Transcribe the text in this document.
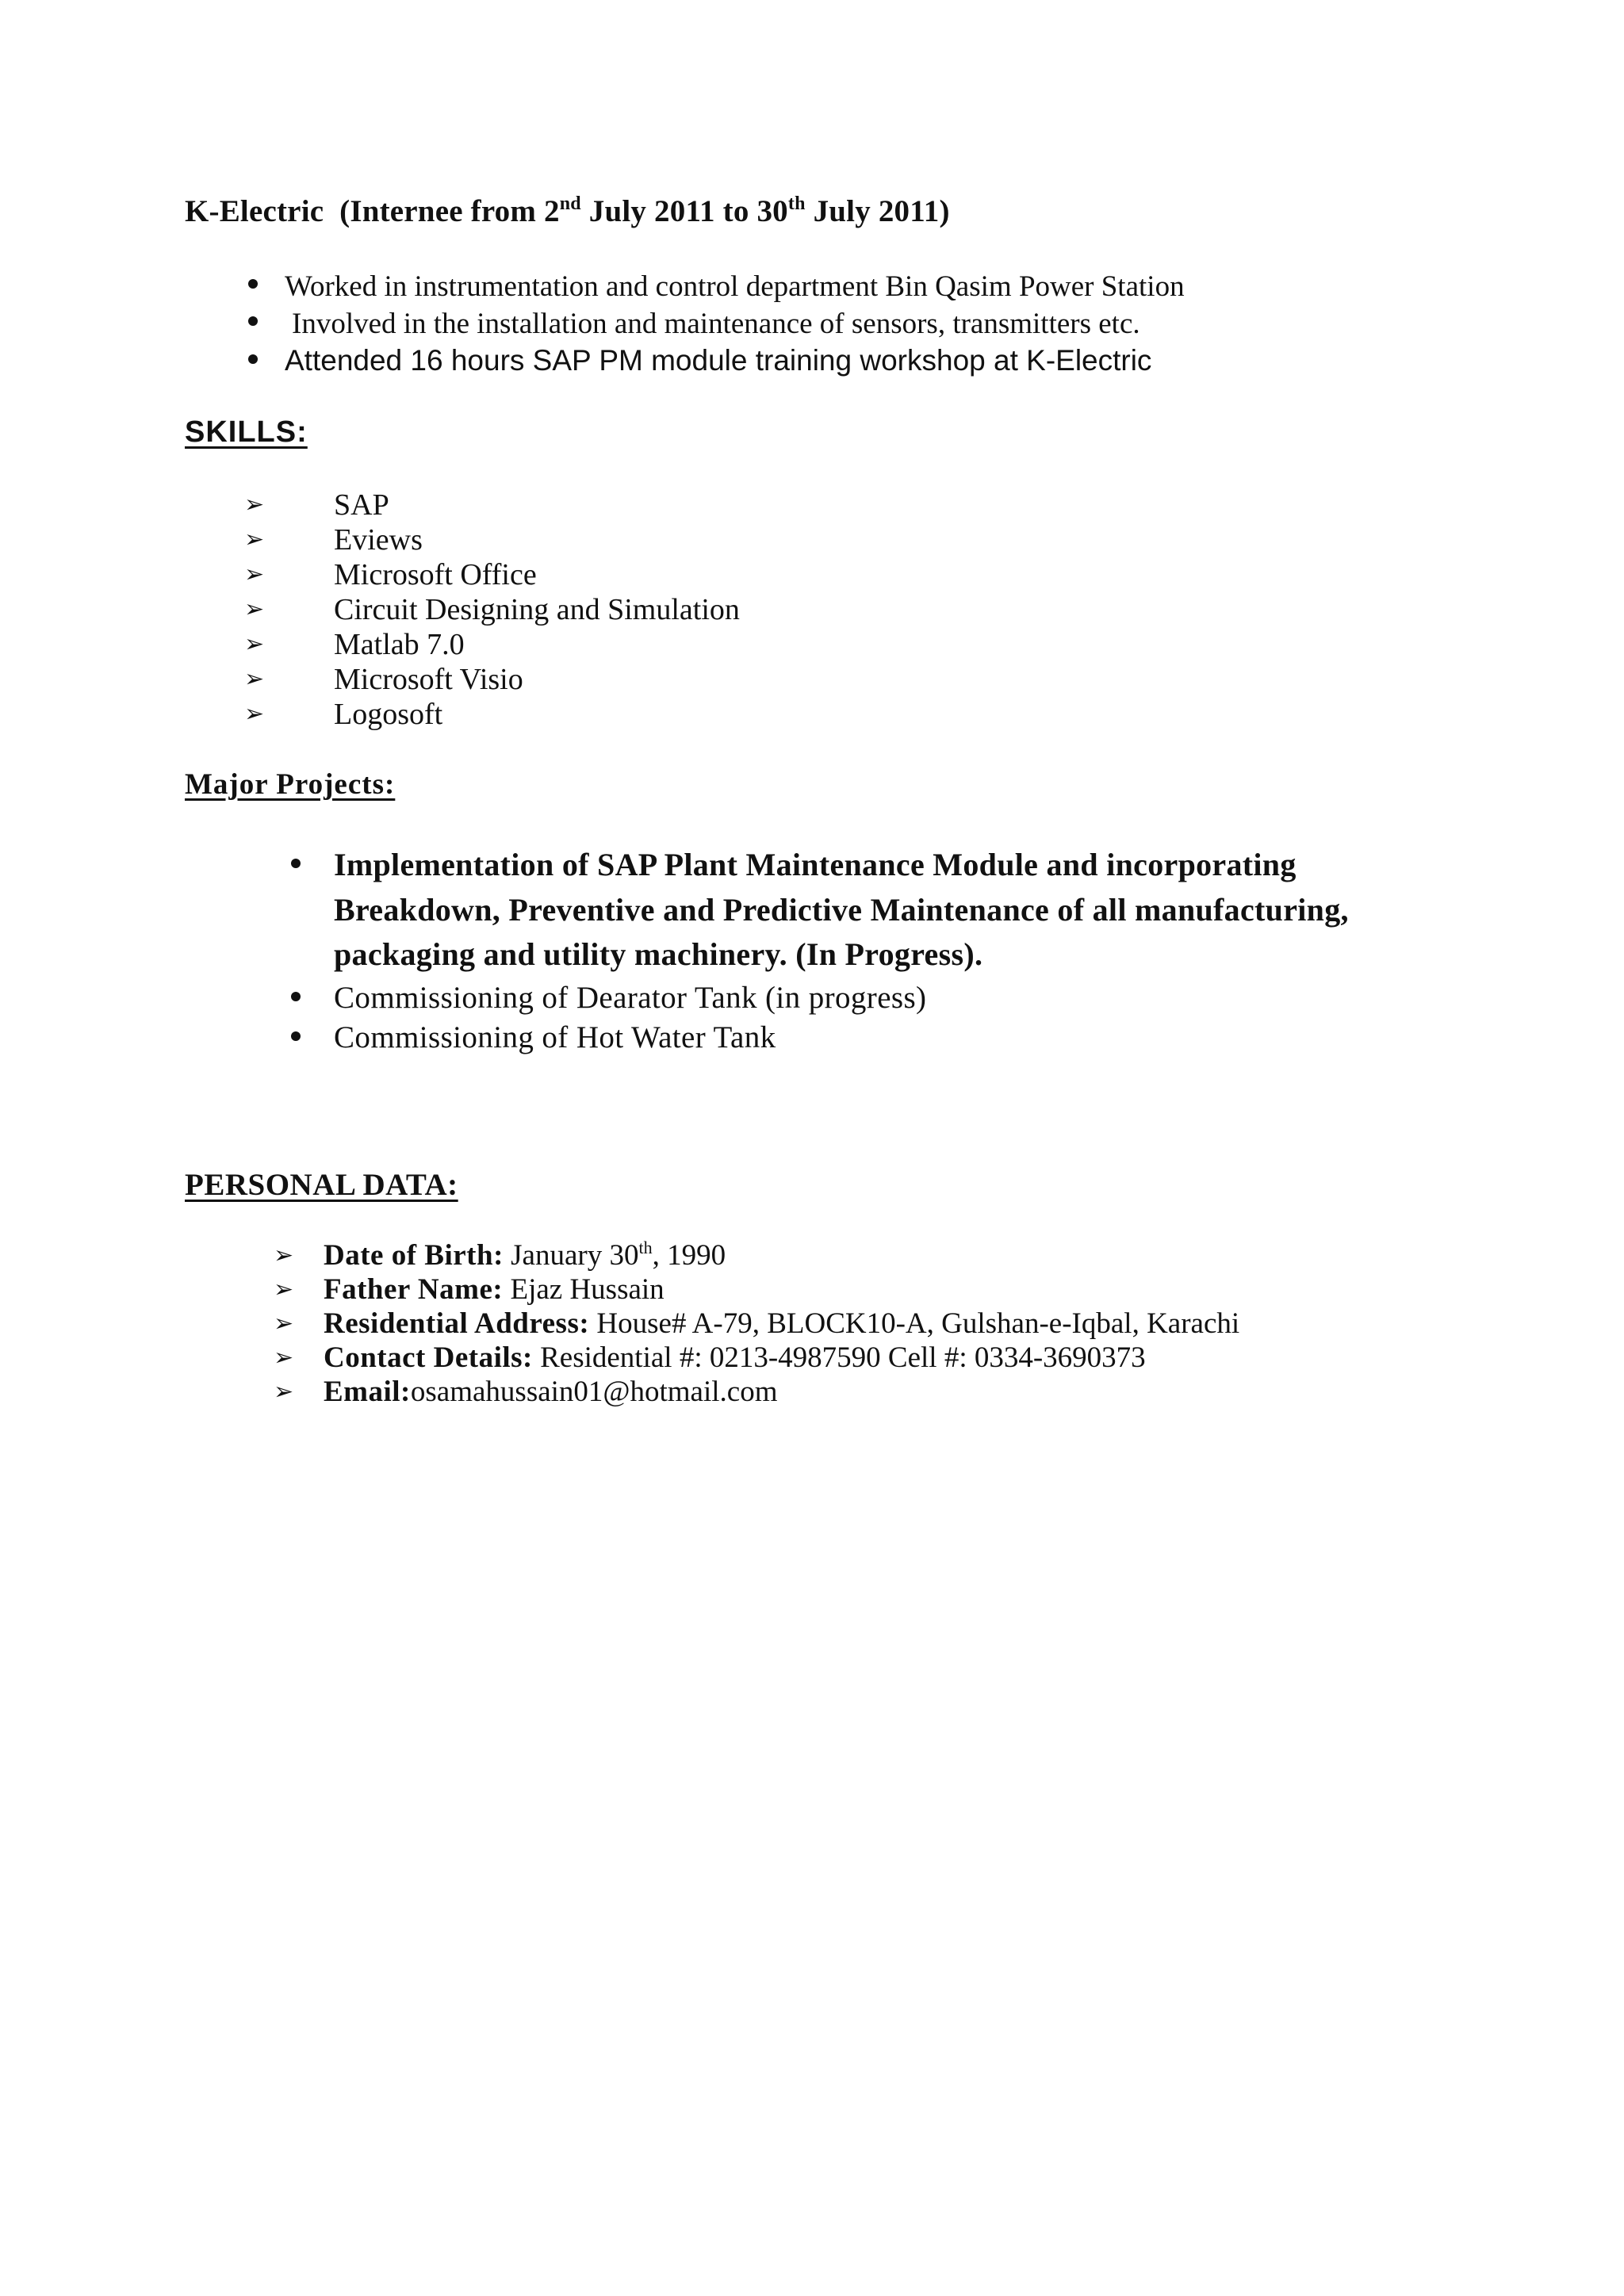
K-Electric (Internee from 2nd July 2011 to 30th July 2011)
Worked in instrumentation and control department Bin Qasim Power Station
Involved in the installation and maintenance of sensors, transmitters etc.
Attended 16 hours SAP PM module training workshop at K-Electric
SKILLS:
➢ SAP
➢ Eviews
➢ Microsoft Office
➢ Circuit Designing and Simulation
➢ Matlab 7.0
➢ Microsoft Visio
➢ Logosoft
Major Projects:
Implementation of SAP Plant Maintenance Module and incorporating
Breakdown, Preventive and Predictive Maintenance of all manufacturing,
packaging and utility machinery. (In Progress).
Commissioning of Dearator Tank (in progress)
Commissioning of Hot Water Tank
PERSONAL DATA:
➢ Date of Birth: January 30th, 1990
➢ Father Name: Ejaz Hussain
➢ Residential Address: House# A-79, BLOCK10-A, Gulshan-e-Iqbal, Karachi
➢ Contact Details: Residential #: 0213-4987590 Cell #: 0334-3690373
➢ Email:osamahussain01@hotmail.com
